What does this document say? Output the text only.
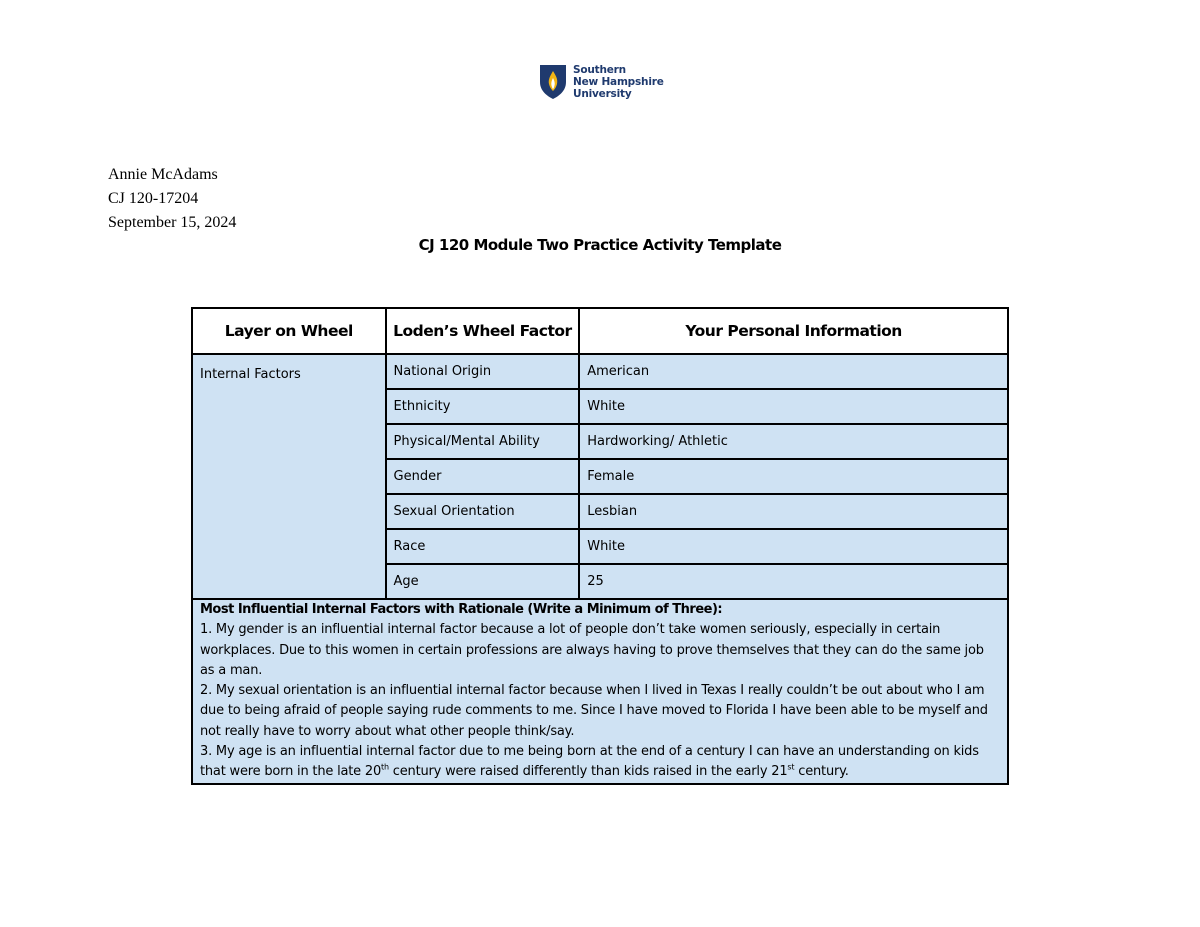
Southern
New Hampshire
University
Annie McAdams
CJ 120-17204
September 15, 2024
CJ 120 Module Two Practice Activity Template
Layer on Wheel	Loden’s Wheel Factor	Your Personal Information
Internal Factors	National Origin	American
	Ethnicity	White
	Physical/Mental Ability	Hardworking/ Athletic
	Gender	Female
	Sexual Orientation	Lesbian
	Race	White
	Age	25

Most Influential Internal Factors with Rationale (Write a Minimum of Three):
1. My gender is an influential internal factor because a lot of people don’t take women seriously, especially in certain workplaces. Due to this women in certain professions are always having to prove themselves that they can do the same job as a man.
2. My sexual orientation is an influential internal factor because when I lived in Texas I really couldn’t be out about who I am due to being afraid of people saying rude comments to me. Since I have moved to Florida I have been able to be myself and not really have to worry about what other people think/say.
3. My age is an influential internal factor due to me being born at the end of a century I can have an understanding on kids that were born in the late 20th century were raised differently than kids raised in the early 21st century.		
